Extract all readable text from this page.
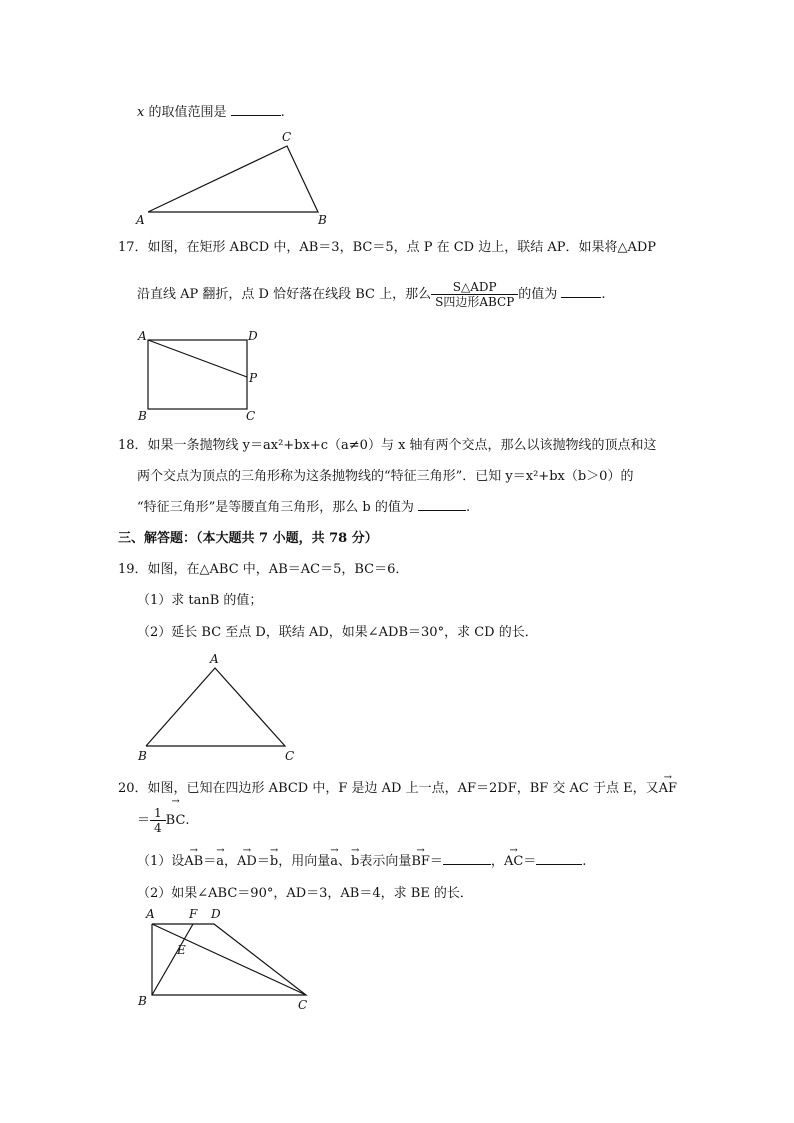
x 的取值范围是	.
A	B
C
17．如图，在矩形 ABCD 中，AB＝3，BC＝5，点 P 在 CD 边上，联结 AP．如果将△ADP
沿直线 AP 翻折，点 D 恰好落在线段 BC 上，那么 $\frac{\text{S△ADP}}{\text{S四边形ABCP}}$ 的值为	.
A	D
P
B	C
18．如果一条抛物线 y＝ax²+bx+c（a≠0）与 x 轴有两个交点，那么以该抛物线的顶点和这
两个交点为顶点的三角形称为这条抛物线的“特征三角形”．已知 y＝x²+bx（b＞0）的
“特征三角形”是等腰直角三角形，那么 b 的值为	.
三、解答题：（本大题共 7 小题，共 78 分）
19．如图，在△ABC 中，AB＝AC＝5，BC＝6．
（1）求 tanB 的值；
（2）延长 BC 至点 D，联结 AD，如果∠ADB＝30°，求 CD 的长．
A
B	C
20．如图，已知在四边形 ABCD 中，F 是边 AD 上一点，AF＝2DF，BF 交 AC 于点 E，又→ AF
＝ $\frac{1}{4}$
→ BC.
（1）设→ AB＝→ a，→ AD＝→ b，用向量→ a、→ b表示向量→ BF＝	，→ AC＝	.
（2）如果∠ABC＝90°，AD＝3，AB＝4，求 BE 的长．
A	F D
E
B	C
